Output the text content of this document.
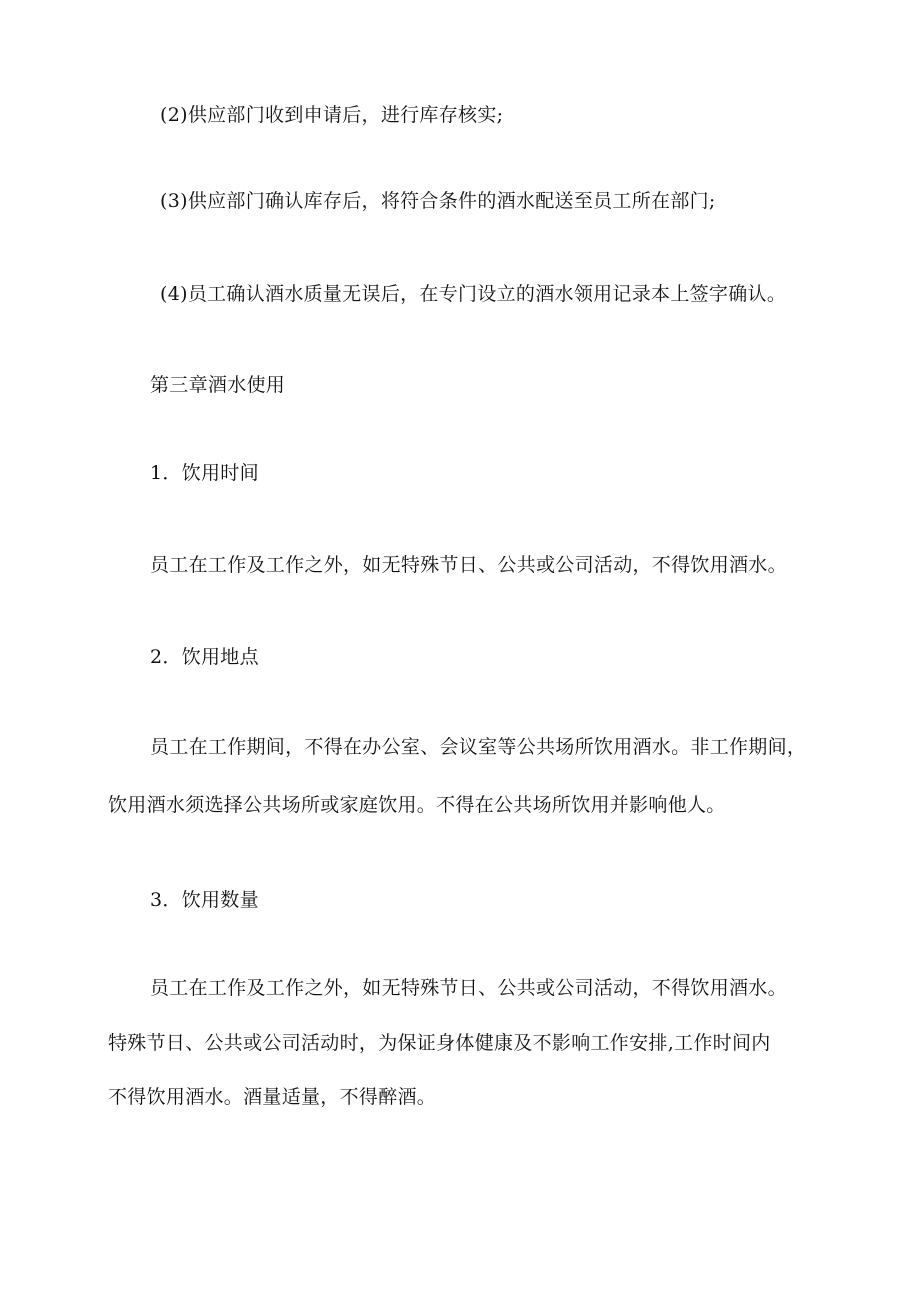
(2)供应部门收到申请后，进行库存核实;
(3)供应部门确认库存后，将符合条件的酒水配送至员工所在部门;
(4)员工确认酒水质量无误后，在专门设立的酒水领用记录本上签字确认。
第三章酒水使用
1．饮用时间
员工在工作及工作之外，如无特殊节日、公共或公司活动，不得饮用酒水。
2．饮用地点
员工在工作期间，不得在办公室、会议室等公共场所饮用酒水。非工作期间，
饮用酒水须选择公共场所或家庭饮用。不得在公共场所饮用并影响他人。
3．饮用数量
员工在工作及工作之外，如无特殊节日、公共或公司活动，不得饮用酒水。
特殊节日、公共或公司活动时，为保证身体健康及不影响工作安排,工作时间内
不得饮用酒水。酒量适量，不得醉酒。
